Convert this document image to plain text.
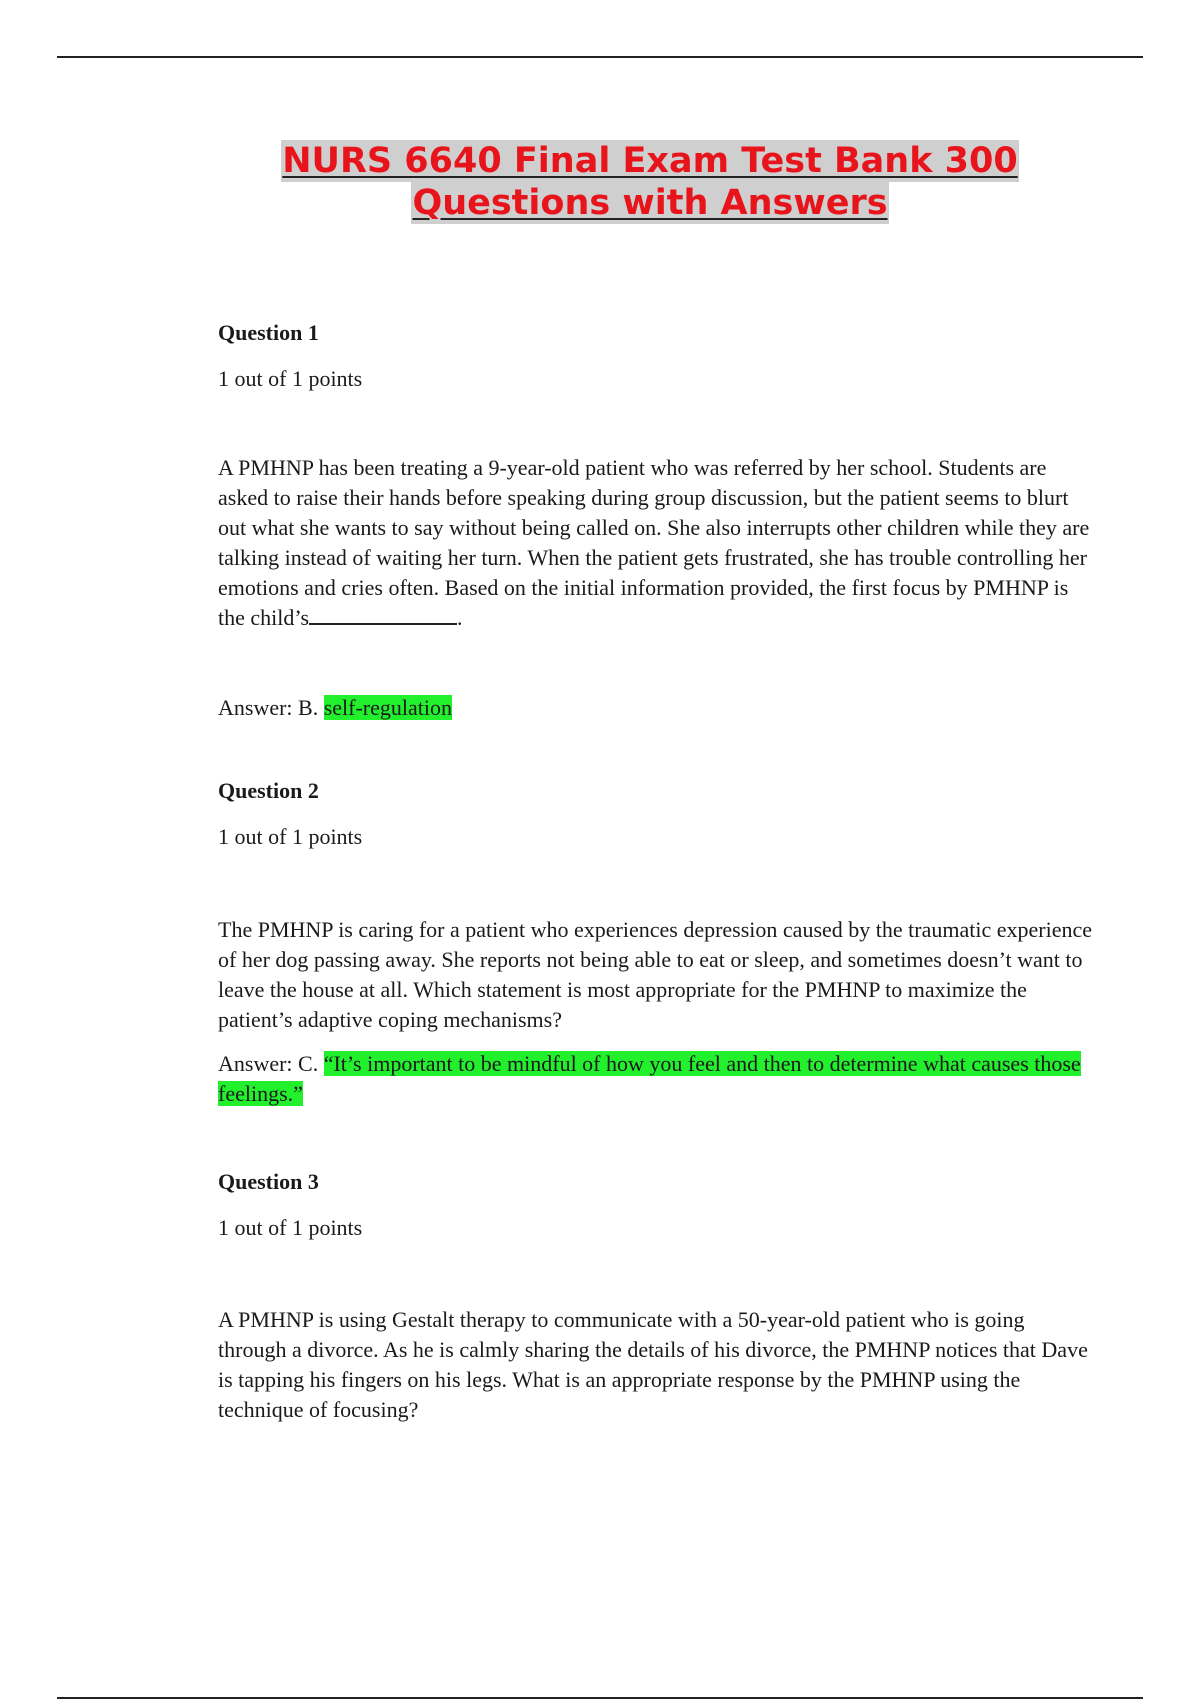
NURS 6640 Final Exam Test Bank 300
Questions with Answers

Question 1

1 out of 1 points

A PMHNP has been treating a 9-year-old patient who was referred by her school. Students are asked to raise their hands before speaking during group discussion, but the patient seems to blurt out what she wants to say without being called on. She also interrupts other children while they are talking instead of waiting her turn. When the patient gets frustrated, she has trouble controlling her emotions and cries often. Based on the initial information provided, the first focus by PMHNP is the child’s	.

Answer: B. self-regulation

Question 2

1 out of 1 points

The PMHNP is caring for a patient who experiences depression caused by the traumatic experience of her dog passing away. She reports not being able to eat or sleep, and sometimes doesn’t want to leave the house at all. Which statement is most appropriate for the PMHNP to maximize the patient’s adaptive coping mechanisms?

Answer: C. “It’s important to be mindful of how you feel and then to determine what causes those feelings.”

Question 3

1 out of 1 points

A PMHNP is using Gestalt therapy to communicate with a 50-year-old patient who is going through a divorce. As he is calmly sharing the details of his divorce, the PMHNP notices that Dave is tapping his fingers on his legs. What is an appropriate response by the PMHNP using the technique of focusing?
